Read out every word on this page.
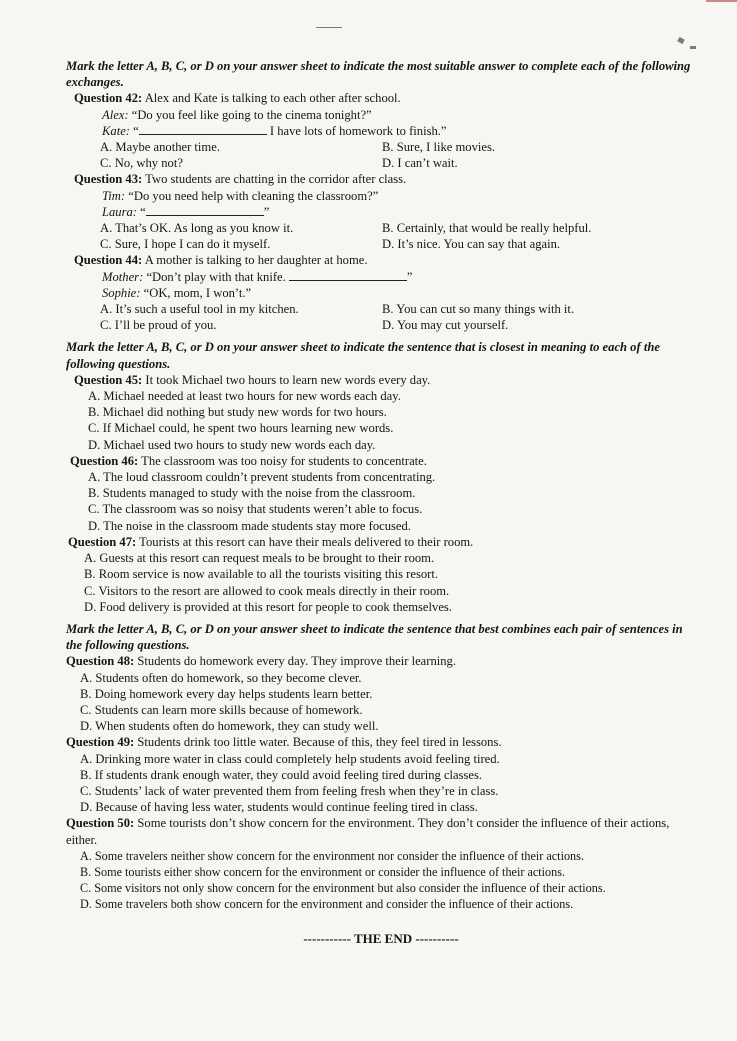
Mark the letter A, B, C, or D on your answer sheet to indicate the most suitable answer to complete each of the following exchanges.
Question 42: Alex and Kate is talking to each other after school.
Alex: “Do you feel like going to the cinema tonight?”
Kate: “	I have lots of homework to finish.”
A. Maybe another time.	B. Sure, I like movies.
C. No, why not?	D. I can’t wait.
Question 43: Two students are chatting in the corridor after class.
Tim: “Do you need help with cleaning the classroom?”
Laura: “	”
A. That’s OK. As long as you know it.	B. Certainly, that would be really helpful.
C. Sure, I hope I can do it myself.	D. It’s nice. You can say that again.
Question 44: A mother is talking to her daughter at home.
Mother: “Don’t play with that knife.	”
Sophie: “OK, mom, I won’t.”
A. It’s such a useful tool in my kitchen.	B. You can cut so many things with it.
C. I’ll be proud of you.	D. You may cut yourself.
Mark the letter A, B, C, or D on your answer sheet to indicate the sentence that is closest in meaning to each of the following questions.
Question 45: It took Michael two hours to learn new words every day.
A. Michael needed at least two hours for new words each day.
B. Michael did nothing but study new words for two hours.
C. If Michael could, he spent two hours learning new words.
D. Michael used two hours to study new words each day.
Question 46: The classroom was too noisy for students to concentrate.
A. The loud classroom couldn’t prevent students from concentrating.
B. Students managed to study with the noise from the classroom.
C. The classroom was so noisy that students weren’t able to focus.
D. The noise in the classroom made students stay more focused.
Question 47: Tourists at this resort can have their meals delivered to their room.
A. Guests at this resort can request meals to be brought to their room.
B. Room service is now available to all the tourists visiting this resort.
C. Visitors to the resort are allowed to cook meals directly in their room.
D. Food delivery is provided at this resort for people to cook themselves.
Mark the letter A, B, C, or D on your answer sheet to indicate the sentence that best combines each pair of sentences in the following questions.
Question 48: Students do homework every day. They improve their learning.
A. Students often do homework, so they become clever.
B. Doing homework every day helps students learn better.
C. Students can learn more skills because of homework.
D. When students often do homework, they can study well.
Question 49: Students drink too little water. Because of this, they feel tired in lessons.
A. Drinking more water in class could completely help students avoid feeling tired.
B. If students drank enough water, they could avoid feeling tired during classes.
C. Students’ lack of water prevented them from feeling fresh when they’re in class.
D. Because of having less water, students would continue feeling tired in class.
Question 50: Some tourists don’t show concern for the environment. They don’t consider the influence of their actions, either.
A. Some travelers neither show concern for the environment nor consider the influence of their actions.
B. Some tourists either show concern for the environment or consider the influence of their actions.
C. Some visitors not only show concern for the environment but also consider the influence of their actions.
D. Some travelers both show concern for the environment and consider the influence of their actions.
----------- THE END ----------
